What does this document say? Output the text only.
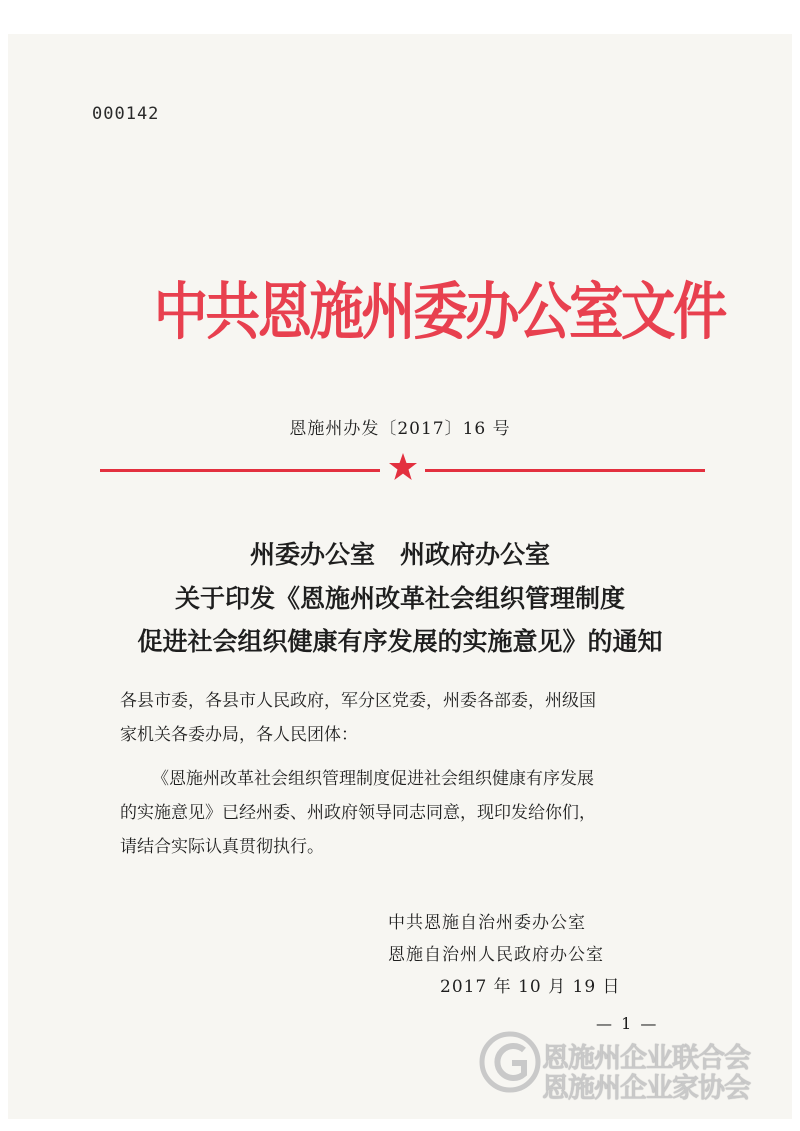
000142
中共恩施州委办公室文件
恩施州办发〔2017〕16 号
州委办公室　州政府办公室
关于印发《恩施州改革社会组织管理制度
促进社会组织健康有序发展的实施意见》的通知
各县市委，各县市人民政府，军分区党委，州委各部委，州级国
家机关各委办局，各人民团体：
《恩施州改革社会组织管理制度促进社会组织健康有序发展
的实施意见》已经州委、州政府领导同志同意，现印发给你们，
请结合实际认真贯彻执行。
中共恩施自治州委办公室
恩施自治州人民政府办公室
2017 年 10 月 19 日
— 1 —
恩施州企业联合会
恩施州企业家协会
